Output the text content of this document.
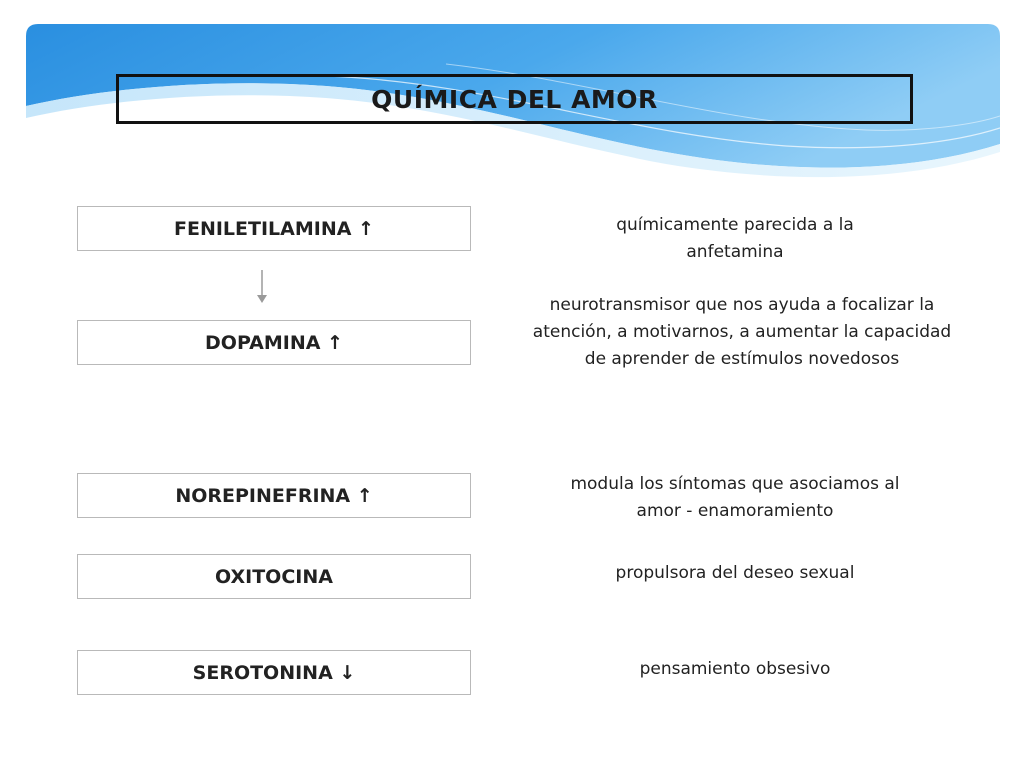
QUÍMICA DEL AMOR
FENILETILAMINA ↑
DOPAMINA ↑
NOREPINEFRINA ↑
OXITOCINA
SEROTONINA ↓
químicamente parecida a la
anfetamina
neurotransmisor que nos ayuda a focalizar la
atención, a motivarnos, a aumentar la capacidad
de aprender de estímulos novedosos
modula los síntomas que asociamos al
amor - enamoramiento
propulsora del deseo sexual
pensamiento obsesivo
